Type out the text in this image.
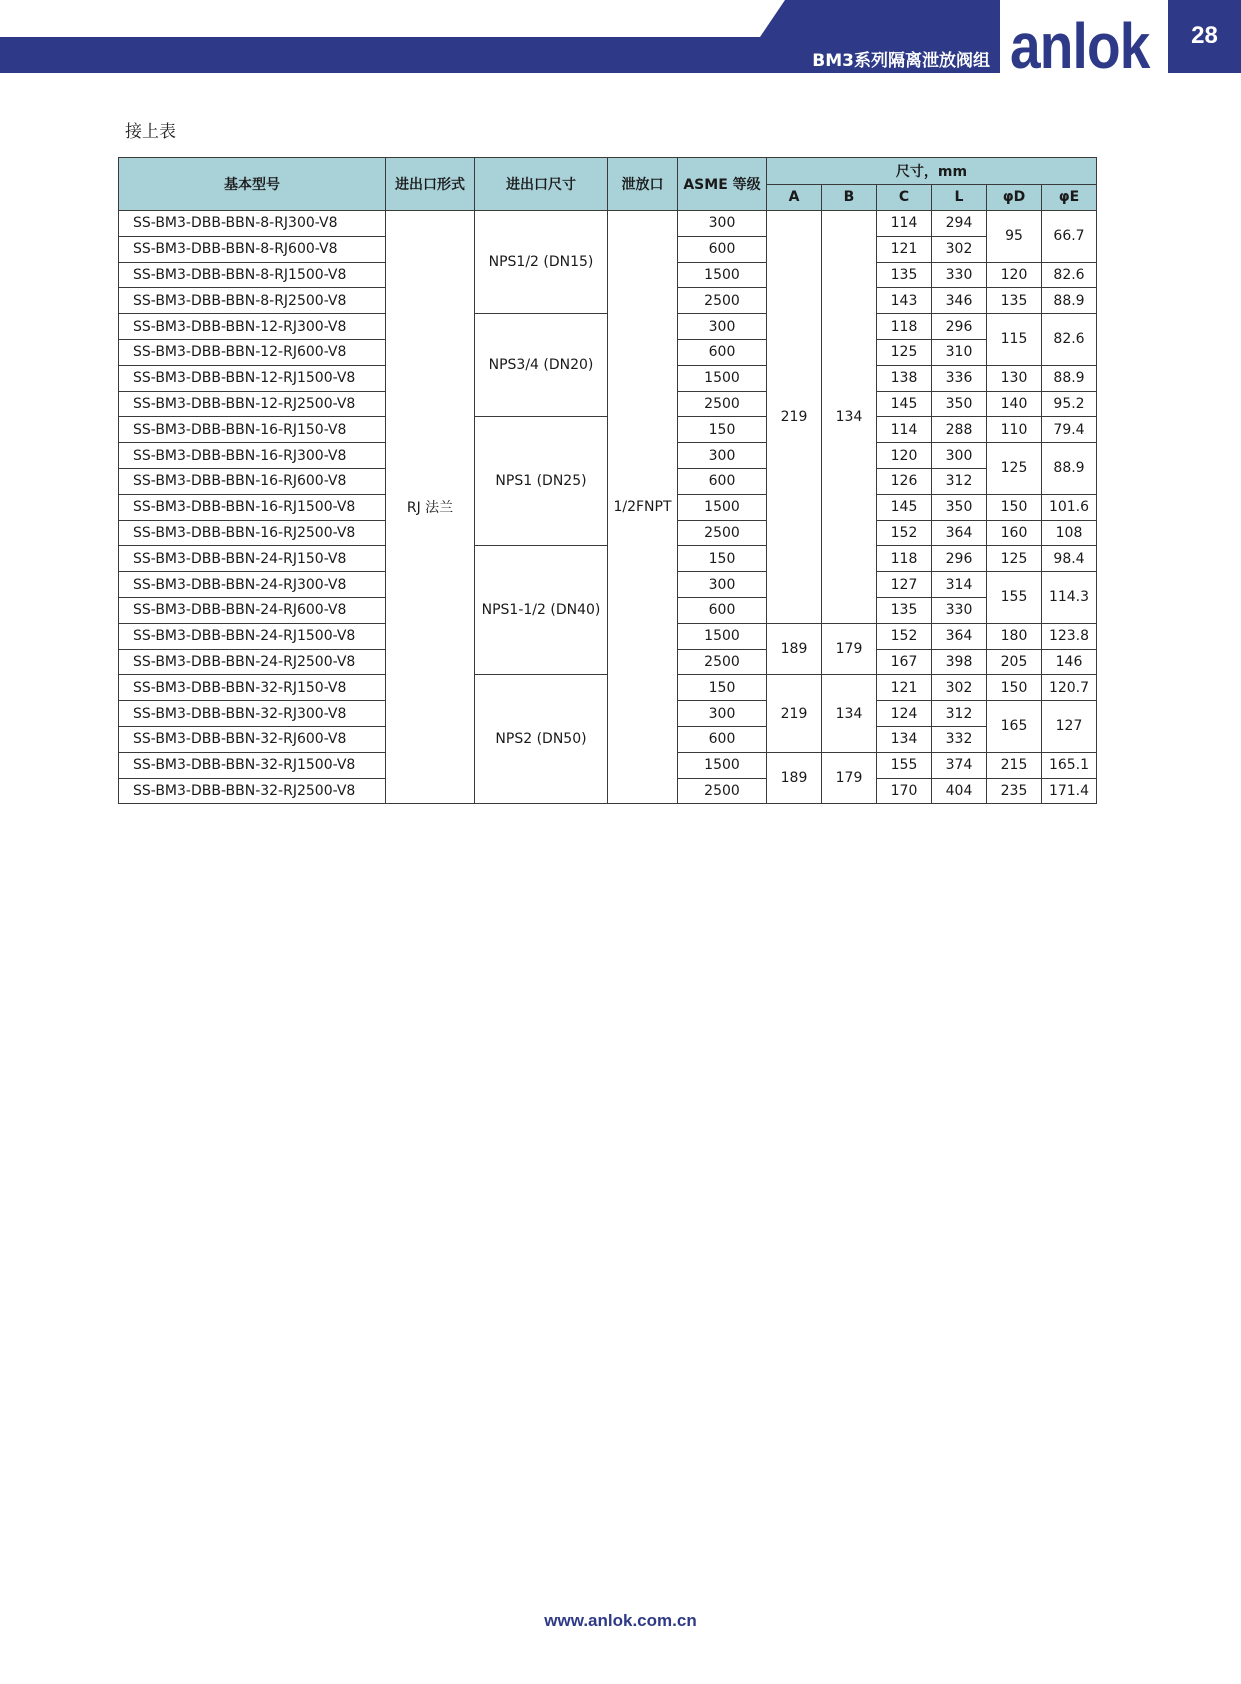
BM3系列隔离泄放阀组 anlok	28
接上表
基本型号	进出口形式	进出口尺寸	泄放口	ASME 等级	尺寸，mm					
					A	B	C	L	φD	φE
SS-BM3-DBB-BBN-8-RJ300-V8	RJ 法兰	NPS1/2 (DN15)	1/2FNPT	300	219	134	114	294	95	66.7
SS-BM3-DBB-BBN-8-RJ600-V8				600			121	302		
SS-BM3-DBB-BBN-8-RJ1500-V8				1500			135	330	120	82.6
SS-BM3-DBB-BBN-8-RJ2500-V8				2500			143	346	135	88.9
SS-BM3-DBB-BBN-12-RJ300-V8		NPS3/4 (DN20)		300			118	296	115	82.6
SS-BM3-DBB-BBN-12-RJ600-V8				600			125	310		
SS-BM3-DBB-BBN-12-RJ1500-V8				1500			138	336	130	88.9
SS-BM3-DBB-BBN-12-RJ2500-V8				2500			145	350	140	95.2
SS-BM3-DBB-BBN-16-RJ150-V8		NPS1 (DN25)		150			114	288	110	79.4
SS-BM3-DBB-BBN-16-RJ300-V8				300			120	300	125	88.9
SS-BM3-DBB-BBN-16-RJ600-V8				600			126	312		
SS-BM3-DBB-BBN-16-RJ1500-V8				1500			145	350	150	101.6
SS-BM3-DBB-BBN-16-RJ2500-V8				2500			152	364	160	108
SS-BM3-DBB-BBN-24-RJ150-V8		NPS1-1/2 (DN40)		150			118	296	125	98.4
SS-BM3-DBB-BBN-24-RJ300-V8				300			127	314	155	114.3
SS-BM3-DBB-BBN-24-RJ600-V8				600			135	330		
SS-BM3-DBB-BBN-24-RJ1500-V8				1500	189	179	152	364	180	123.8
SS-BM3-DBB-BBN-24-RJ2500-V8				2500			167	398	205	146
SS-BM3-DBB-BBN-32-RJ150-V8		NPS2 (DN50)		150	219	134	121	302	150	120.7
SS-BM3-DBB-BBN-32-RJ300-V8				300			124	312	165	127
SS-BM3-DBB-BBN-32-RJ600-V8				600			134	332		
SS-BM3-DBB-BBN-32-RJ1500-V8				1500	189	179	155	374	215	165.1
SS-BM3-DBB-BBN-32-RJ2500-V8				2500			170	404	235	171.4
www.anlok.com.cn
